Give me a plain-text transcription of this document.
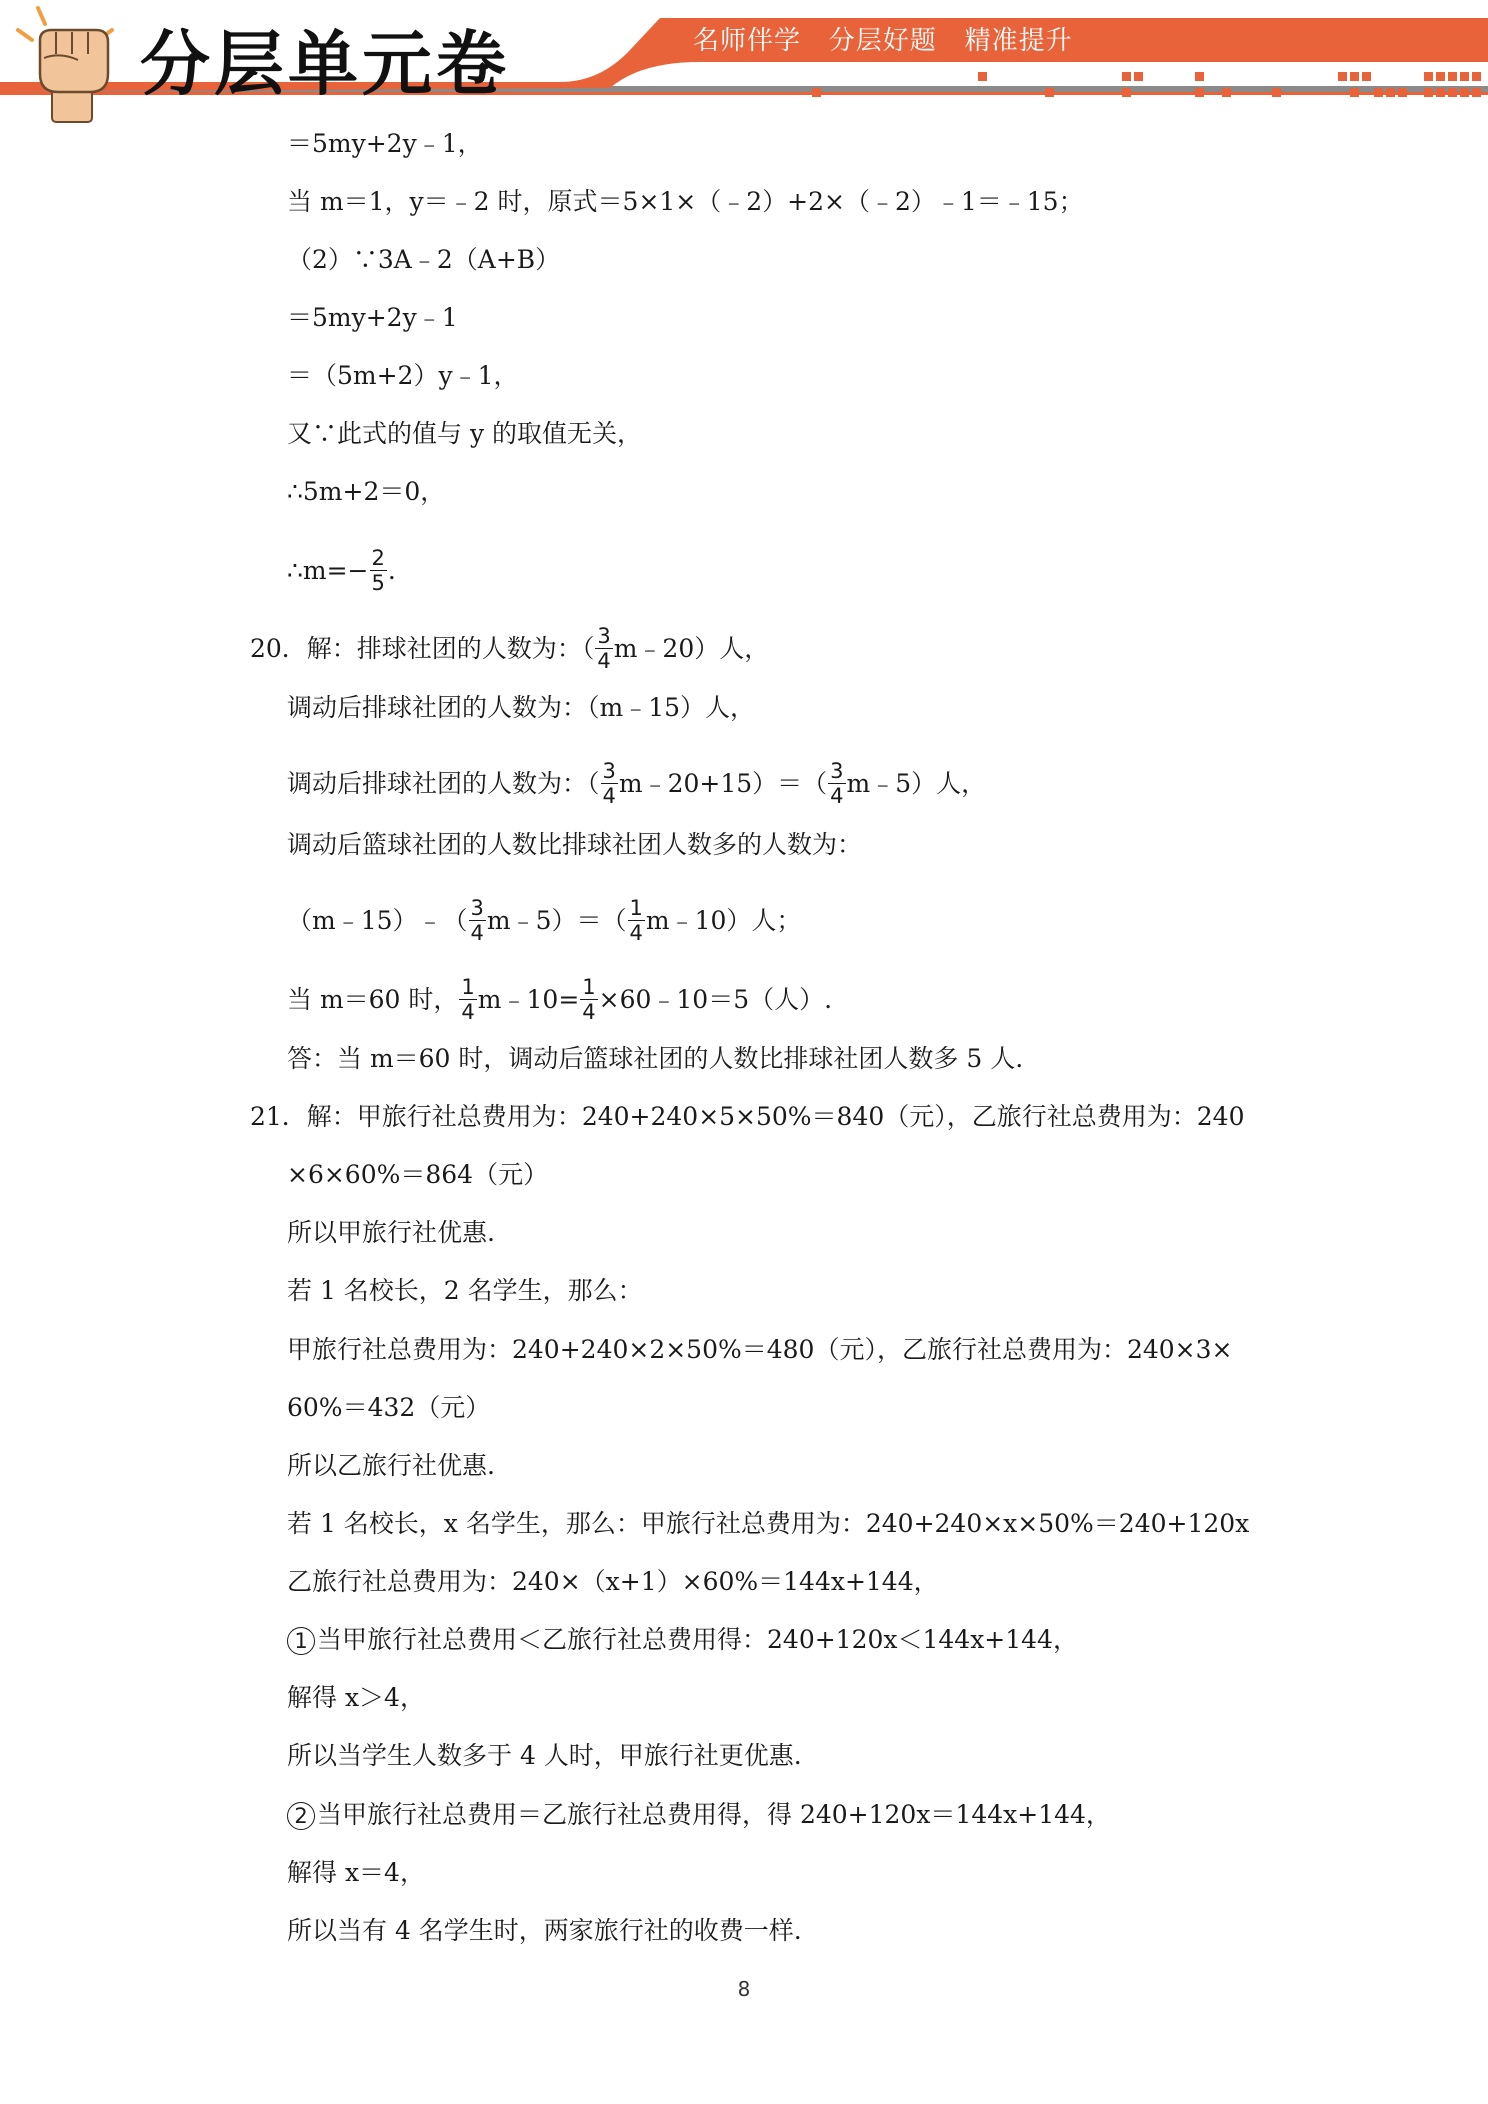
分层单元卷	名师伴学   分层好题   精准提升
＝5my+2y﹣1，
当 m＝1，y＝﹣2 时，原式＝5×1×（﹣2）+2×（﹣2）﹣1＝﹣15；
（2）∵3A﹣2（A+B）
＝5my+2y﹣1
＝（5m+2）y﹣1，
又∵此式的值与 y 的取值无关，
∴5m+2＝0，
∴m=− $\frac{2}{5}$ .
20．解：排球社团的人数为：（ $\frac{3}{4}$ m﹣20）人，
调动后排球社团的人数为：（m﹣15）人，
调动后排球社团的人数为：（ $\frac{3}{4}$ m﹣20+15）＝（ $\frac{3}{4}$ m﹣5）人，
调动后篮球社团的人数比排球社团人数多的人数为：
（m﹣15）﹣（ $\frac{3}{4}$ m﹣5）＝（ $\frac{1}{4}$ m﹣10）人；
当 m＝60 时， $\frac{1}{4}$ m﹣10= $\frac{1}{4}$ ×60﹣10＝5（人）.
答：当 m＝60 时，调动后篮球社团的人数比排球社团人数多 5 人.
21．解：甲旅行社总费用为：240+240×5×50%＝840（元），乙旅行社总费用为：240
×6×60%＝864（元）
所以甲旅行社优惠.
若 1 名校长，2 名学生，那么：
甲旅行社总费用为：240+240×2×50%＝480（元），乙旅行社总费用为：240×3×
60%＝432（元）
所以乙旅行社优惠.
若 1 名校长，x 名学生，那么：甲旅行社总费用为：240+240×x×50%＝240+120x
乙旅行社总费用为：240×（x+1）×60%＝144x+144，
1 当甲旅行社总费用＜乙旅行社总费用得：240+120x＜144x+144，
解得 x＞4，
所以当学生人数多于 4 人时，甲旅行社更优惠.
2 当甲旅行社总费用＝乙旅行社总费用得，得 240+120x＝144x+144，
解得 x＝4，
所以当有 4 名学生时，两家旅行社的收费一样.
8
